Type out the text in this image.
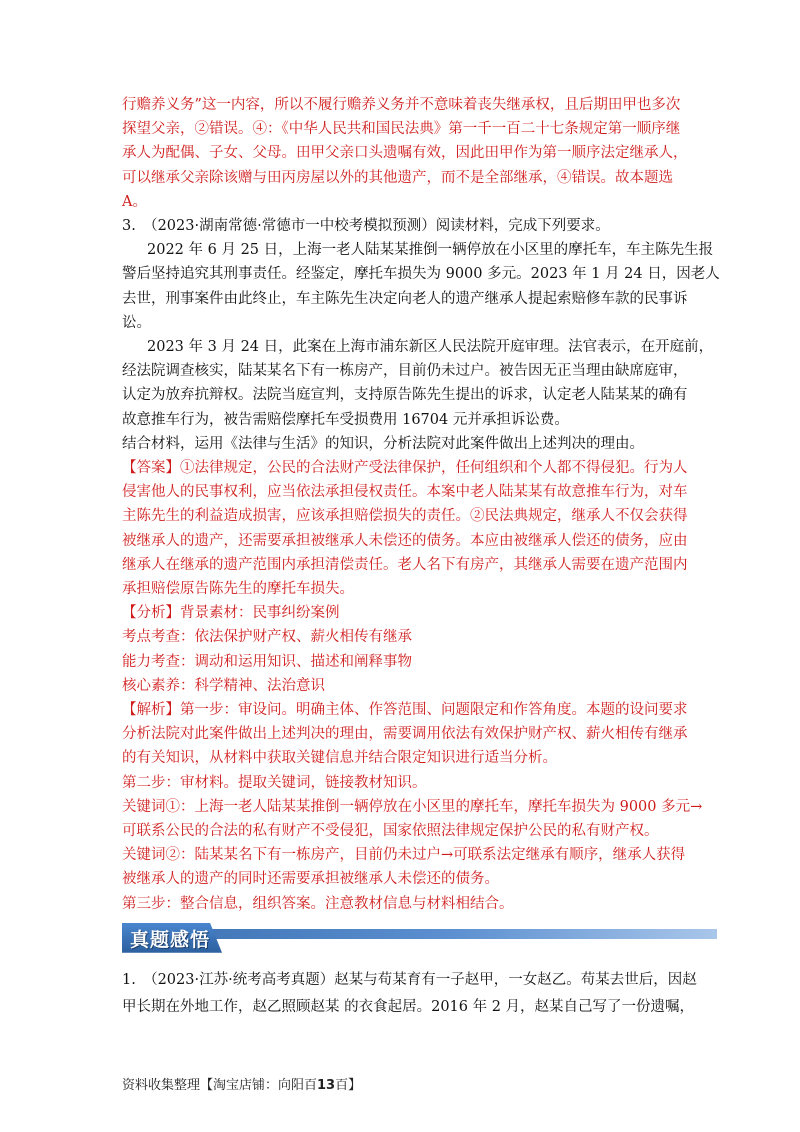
行赡养义务”这一内容，所以不履行赡养义务并不意味着丧失继承权，且后期田甲也多次
探望父亲，②错误。④：《中华人民共和国民法典》第一千一百二十七条规定第一顺序继
承人为配偶、子女、父母。田甲父亲口头遗嘱有效，因此田甲作为第一顺序法定继承人，
可以继承父亲除该赠与田丙房屋以外的其他遗产，而不是全部继承，④错误。故本题选
A。
3.　（2023·湖南常德·常德市一中校考模拟预测）阅读材料，完成下列要求。
2022 年 6 月 25 日，上海一老人陆某某推倒一辆停放在小区里的摩托车，车主陈先生报
警后坚持追究其刑事责任。经鉴定，摩托车损失为 9000 多元。2023 年 1 月 24 日，因老人
去世，刑事案件由此终止，车主陈先生决定向老人的遗产继承人提起索赔修车款的民事诉
讼。
2023 年 3 月 24 日，此案在上海市浦东新区人民法院开庭审理。法官表示，在开庭前，
经法院调查核实，陆某某名下有一栋房产，目前仍未过户。被告因无正当理由缺席庭审，
认定为放弃抗辩权。法院当庭宣判，支持原告陈先生提出的诉求，认定老人陆某某的确有
故意推车行为，被告需赔偿摩托车受损费用 16704 元并承担诉讼费。
结合材料，运用《法律与生活》的知识，分析法院对此案件做出上述判决的理由。
【答案】①法律规定，公民的合法财产受法律保护，任何组织和个人都不得侵犯。行为人
侵害他人的民事权利，应当依法承担侵权责任。本案中老人陆某某有故意推车行为，对车
主陈先生的利益造成损害，应该承担赔偿损失的责任。②民法典规定，继承人不仅会获得
被继承人的遗产，还需要承担被继承人未偿还的债务。本应由被继承人偿还的债务，应由
继承人在继承的遗产范围内承担清偿责任。老人名下有房产，其继承人需要在遗产范围内
承担赔偿原告陈先生的摩托车损失。
【分析】背景素材：民事纠纷案例
考点考查：依法保护财产权、薪火相传有继承
能力考查：调动和运用知识、描述和阐释事物
核心素养：科学精神、法治意识
【解析】第一步：审设问。明确主体、作答范围、问题限定和作答角度。本题的设问要求
分析法院对此案件做出上述判决的理由，需要调用依法有效保护财产权、薪火相传有继承
的有关知识，从材料中获取关键信息并结合限定知识进行适当分析。
第二步：审材料。提取关键词，链接教材知识。
关键词①：上海一老人陆某某推倒一辆停放在小区里的摩托车，摩托车损失为 9000 多元→
可联系公民的合法的私有财产不受侵犯，国家依照法律规定保护公民的私有财产权。
关键词②：陆某某名下有一栋房产，目前仍未过户→可联系法定继承有顺序，继承人获得
被继承人的遗产的同时还需要承担被继承人未偿还的债务。
第三步：整合信息，组织答案。注意教材信息与材料相结合。
真题感悟
1.　（2023·江苏·统考高考真题）赵某与苟某育有一子赵甲，一女赵乙。苟某去世后，因赵
甲长期在外地工作，赵乙照顾赵某 的衣食起居。2016 年 2 月，赵某自己写了一份遗嘱，
资料收集整理【淘宝店铺：向阳百13百】
